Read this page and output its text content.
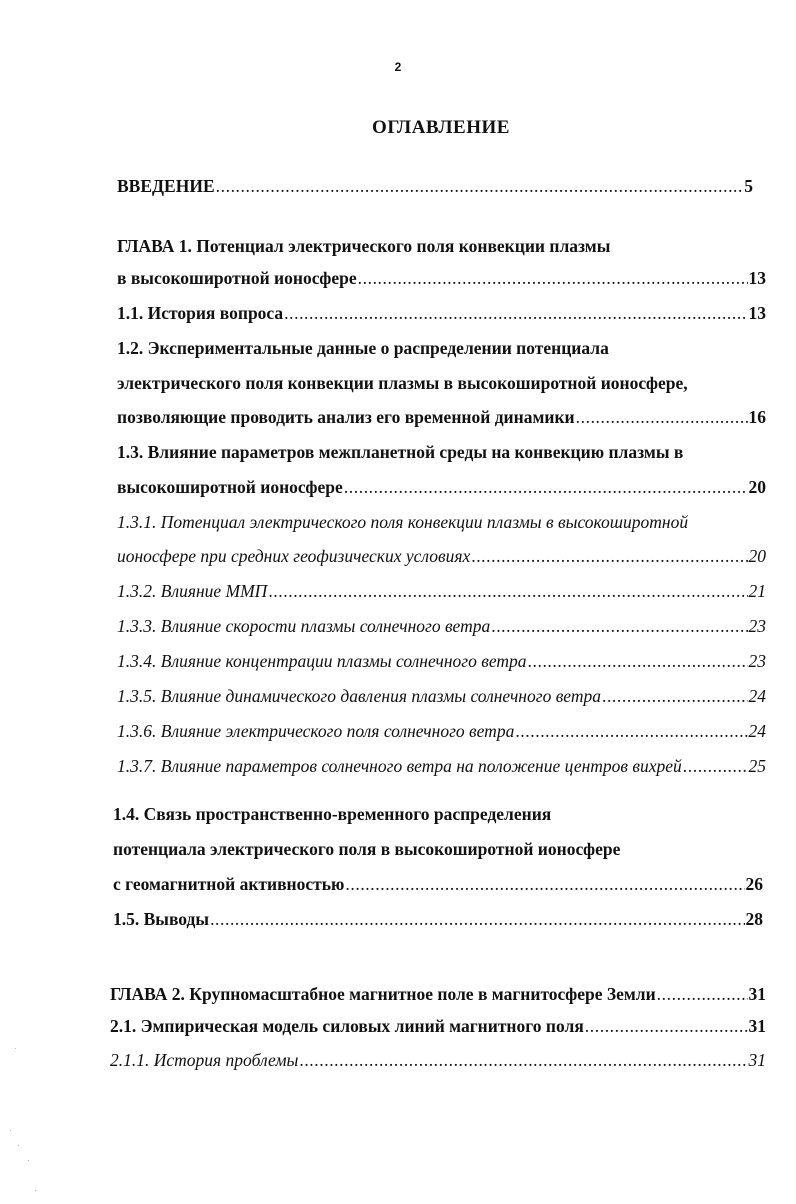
2
ОГЛАВЛЕНИЕ
ВВЕДЕНИЕ .....	5
ГЛАВА 1. Потенциал электрического поля конвекции плазмы
в высокоширотной ионосфере .....	13
1.1. История вопроса .....	13
1.2. Экспериментальные данные о распределении потенциала
электрического поля конвекции плазмы в высокоширотной ионосфере,
позволяющие проводить анализ его временной динамики .....	16
1.3. Влияние параметров межпланетной среды на конвекцию плазмы в
высокоширотной ионосфере .....	20
1.3.1. Потенциал электрического поля конвекции плазмы в высокоширотной
ионосфере при средних геофизических условиях .....	20
1.3.2. Влияние ММП .....	21
1.3.3. Влияние скорости плазмы солнечного ветра .....	23
1.3.4. Влияние концентрации плазмы солнечного ветра .....	23
1.3.5. Влияние динамического давления плазмы солнечного ветра .....	24
1.3.6. Влияние электрического поля солнечного ветра .....	24
1.3.7. Влияние параметров солнечного ветра на положение центров вихрей .....	25
1.4. Связь пространственно-временного распределения
потенциала электрического поля в высокоширотной ионосфере
с геомагнитной активностью .....	26
1.5. Выводы .....	28
ГЛАВА 2. Крупномасштабное магнитное поле в магнитосфере Земли .....	31
2.1. Эмпирическая модель силовых линий магнитного поля .....	31
2.1.1. История проблемы .....	31
